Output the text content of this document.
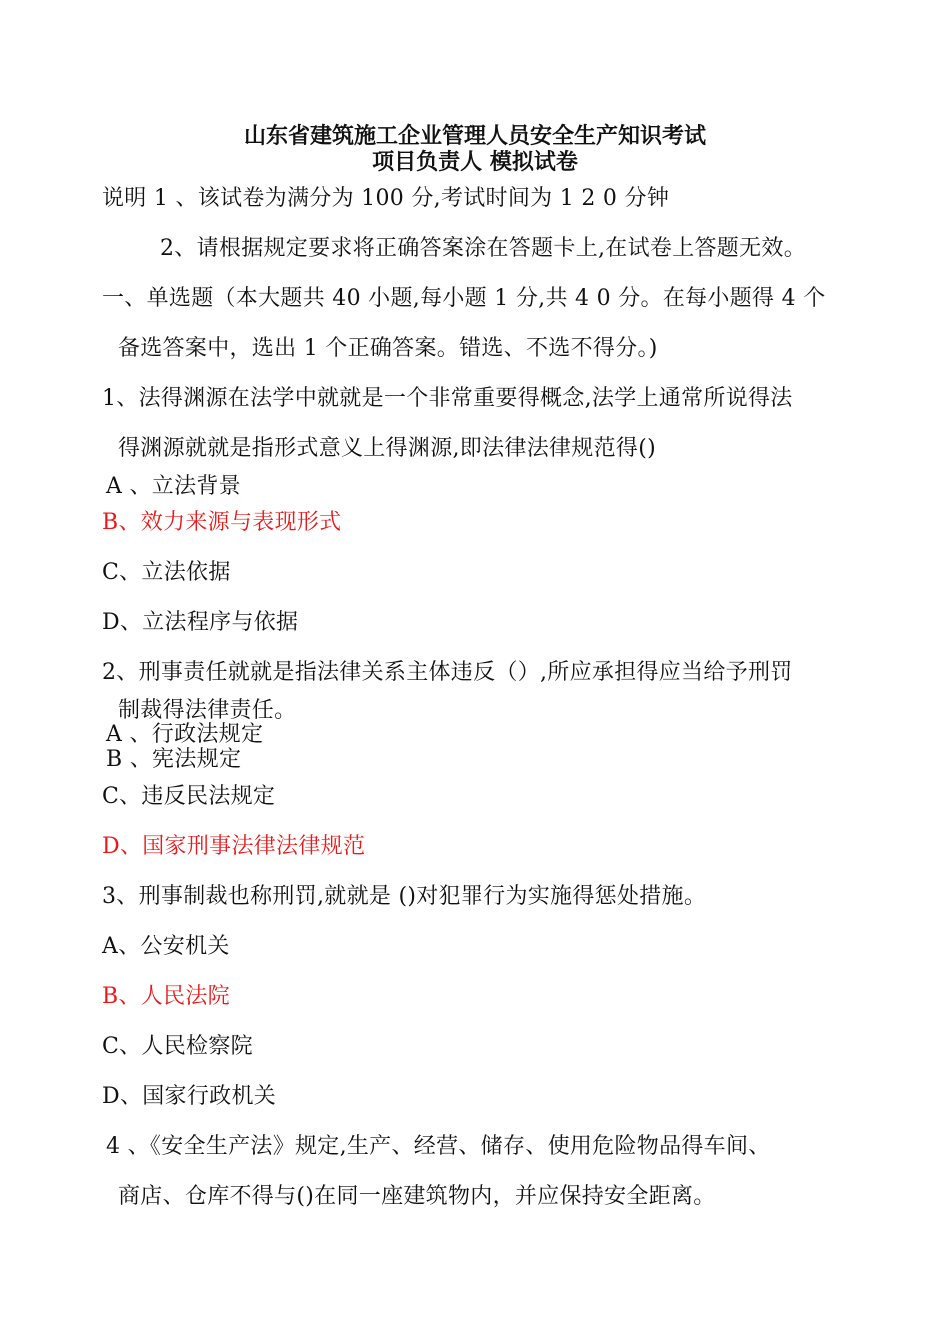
山东省建筑施工企业管理人员安全生产知识考试
项目负责人 模拟试卷
说明 1 、该试卷为满分为 100 分,考试时间为 1 2 0 分钟
2、请根据规定要求将正确答案涂在答题卡上,在试卷上答题无效。
一、单选题（本大题共 40 小题,每小题 1 分,共 4 0 分。在每小题得 4 个
备选答案中，选出 1 个正确答案。错选、不选不得分。)
1、法得渊源在法学中就就是一个非常重要得概念,法学上通常所说得法
得渊源就就是指形式意义上得渊源,即法律法律规范得()
A 、立法背景
B、效力来源与表现形式
C、立法依据
D、立法程序与依据
2、刑事责任就就是指法律关系主体违反（）,所应承担得应当给予刑罚
制裁得法律责任。
A 、行政法规定
B 、宪法规定
C、违反民法规定
D、国家刑事法律法律规范
3、刑事制裁也称刑罚,就就是 ()对犯罪行为实施得惩处措施。
A、公安机关
B、人民法院
C、人民检察院
D、国家行政机关
4 、《安全生产法》规定,生产、经营、储存、使用危险物品得车间、
商店、仓库不得与()在同一座建筑物内，并应保持安全距离。
